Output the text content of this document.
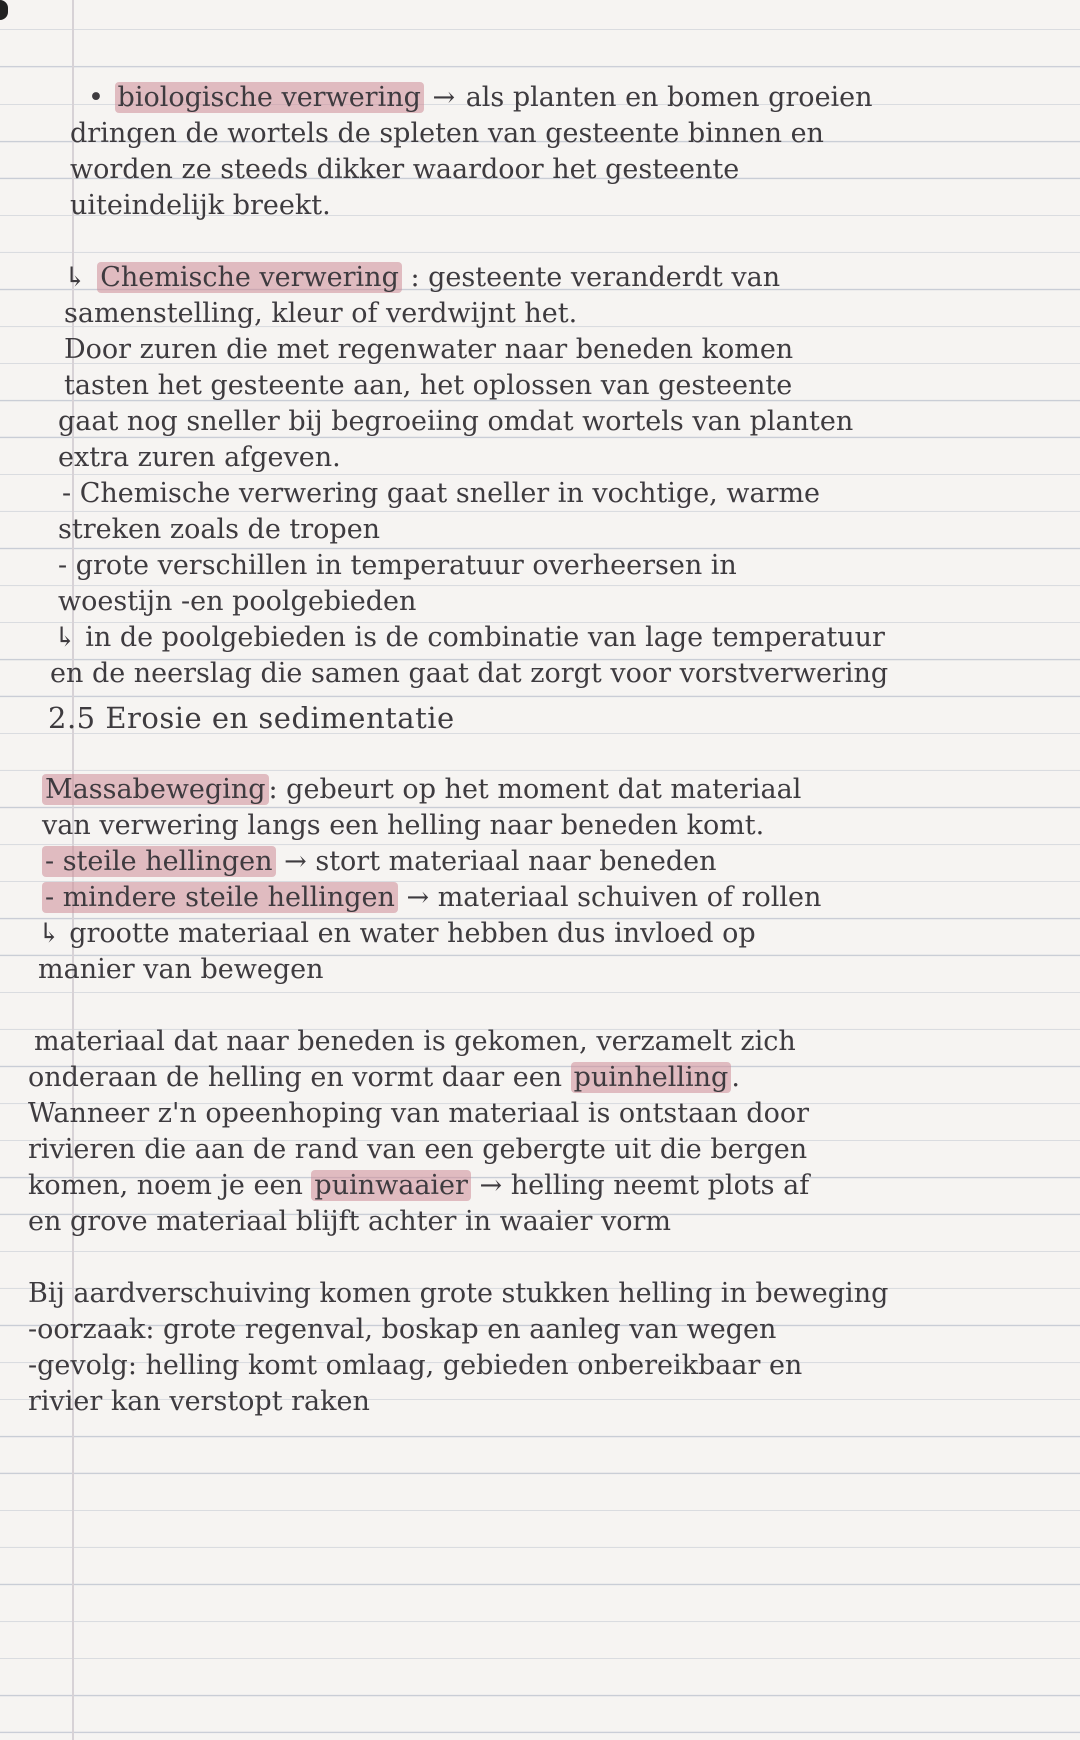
• biologische verwering → als planten en bomen groeien
dringen de wortels de spleten van gesteente binnen en
worden ze steeds dikker waardoor het gesteente
uiteindelijk breekt.
↳ Chemische verwering : gesteente veranderdt van
samenstelling, kleur of verdwijnt het.
Door zuren die met regenwater naar beneden komen
tasten het gesteente aan, het oplossen van gesteente
gaat nog sneller bij begroeiing omdat wortels van planten
extra zuren afgeven.
- Chemische verwering gaat sneller in vochtige, warme
streken zoals de tropen
- grote verschillen in temperatuur overheersen in
woestijn -en poolgebieden
↳ in de poolgebieden is de combinatie van lage temperatuur
en de neerslag die samen gaat dat zorgt voor vorstverwering
2.5 Erosie en sedimentatie
Massabeweging : gebeurt op het moment dat materiaal
van verwering langs een helling naar beneden komt.
- steile hellingen → stort materiaal naar beneden
- mindere steile hellingen → materiaal schuiven of rollen
↳ grootte materiaal en water hebben dus invloed op
manier van bewegen
materiaal dat naar beneden is gekomen, verzamelt zich
onderaan de helling en vormt daar een puinhelling .
Wanneer z'n opeenhoping van materiaal is ontstaan door
rivieren die aan de rand van een gebergte uit die bergen
komen, noem je een puinwaaier → helling neemt plots af
en grove materiaal blijft achter in waaier vorm
Bij aardverschuiving komen grote stukken helling in beweging
-oorzaak: grote regenval, boskap en aanleg van wegen
-gevolg: helling komt omlaag, gebieden onbereikbaar en
rivier kan verstopt raken
